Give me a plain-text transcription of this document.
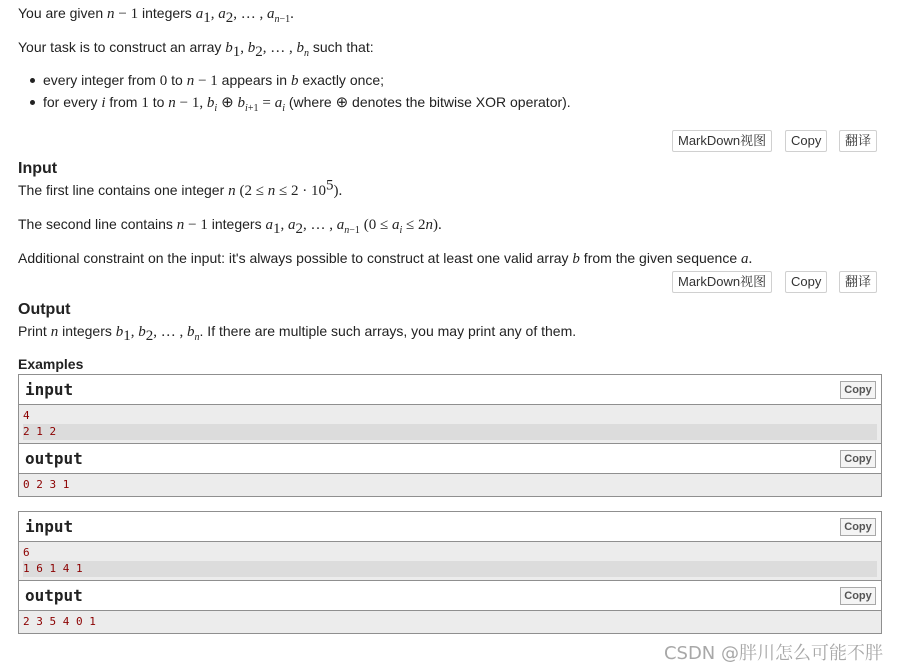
You are given n − 1 integers $a_1$, $a_2$, … , $a_{n-1}$.
Your task is to construct an array $b_1$, $b_2$, … , $b_n$ such that:
every integer from 0 to n − 1 appears in b exactly once;
for every i from 1 to n − 1, $b_i$ ⊕ $b_{i+1} = a_i$ (where ⊕ denotes the bitwise XOR operator).
MarkDown视图	Copy	翻译
Input
The first line contains one integer n $(2 \le n \le 2 \cdot 10^5)$.
The second line contains n − 1 integers $a_1$, $a_2$, … , $a_{n-1}$ $(0 \le a_i \le 2n)$.
Additional constraint on the input: it's always possible to construct at least one valid array b from the given sequence a.
MarkDown视图	Copy	翻译
Output
Print n integers $b_1$, $b_2$, … , $b_n$. If there are multiple such arrays, you may print any of them.
Examples
input	Copy
4
2 1 2
output	Copy
0 2 3 1
input	Copy
6
1 6 1 4 1
output	Copy
2 3 5 4 0 1
CSDN @胖川怎么可能不胖
